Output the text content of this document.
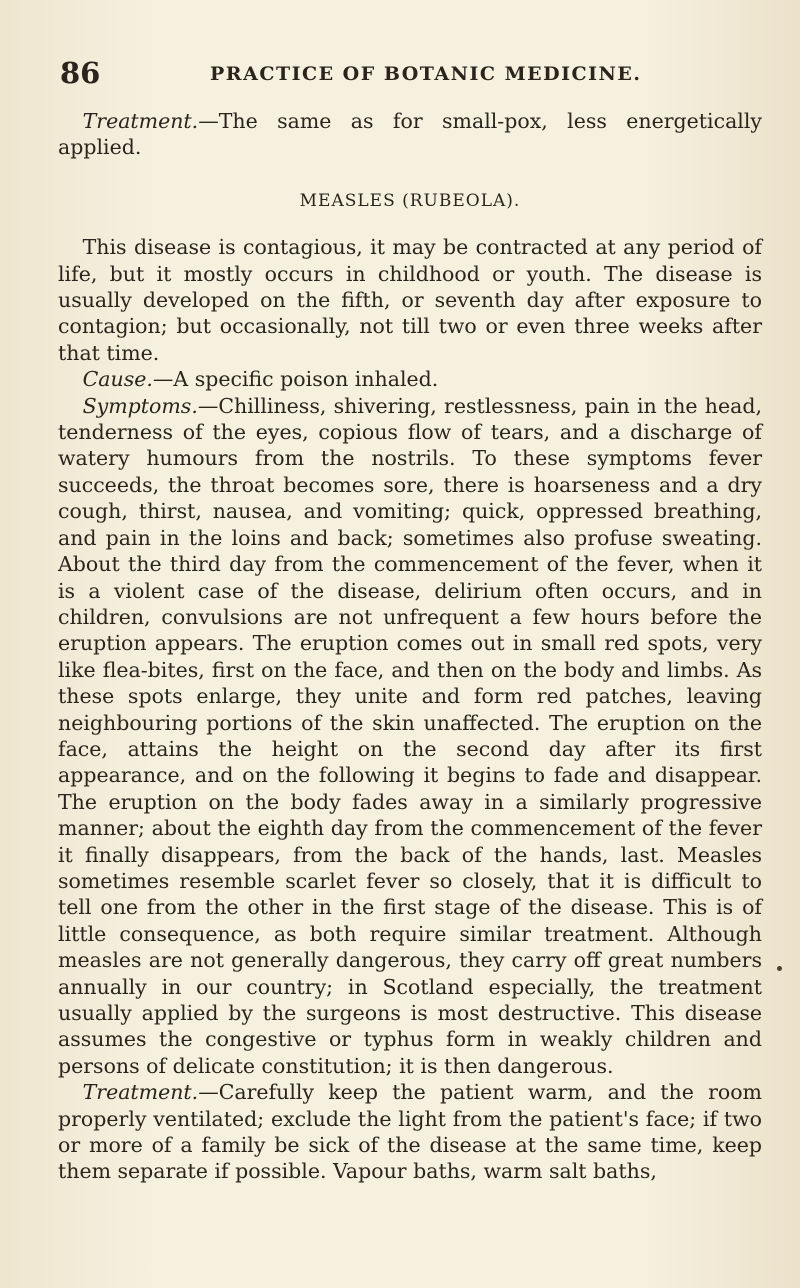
86	PRACTICE OF BOTANIC MEDICINE.

Treatment.—The same as for small-pox, less energetically applied.

MEASLES (RUBEOLA).

This disease is contagious, it may be contracted at any period of life, but it mostly occurs in childhood or youth. The disease is usually developed on the fifth, or seventh day after exposure to contagion; but occasionally, not till two or even three weeks after that time.

Cause.—A specific poison inhaled.

Symptoms.—Chilliness, shivering, restlessness, pain in the head, tenderness of the eyes, copious flow of tears, and a discharge of watery humours from the nostrils. To these symptoms fever succeeds, the throat becomes sore, there is hoarseness and a dry cough, thirst, nausea, and vomiting; quick, oppressed breathing, and pain in the loins and back; sometimes also profuse sweating. About the third day from the commencement of the fever, when it is a violent case of the disease, delirium often occurs, and in children, convulsions are not unfrequent a few hours before the eruption appears. The eruption comes out in small red spots, very like flea-bites, first on the face, and then on the body and limbs. As these spots enlarge, they unite and form red patches, leaving neighbouring portions of the skin unaffected. The eruption on the face, attains the height on the second day after its first appearance, and on the following it begins to fade and disappear. The eruption on the body fades away in a similarly progressive manner; about the eighth day from the commencement of the fever it finally disappears, from the back of the hands, last. Measles sometimes resemble scarlet fever so closely, that it is difficult to tell one from the other in the first stage of the disease. This is of little consequence, as both require similar treatment. Although measles are not generally dangerous, they carry off great numbers annually in our country; in Scotland especially, the treatment usually applied by the surgeons is most destructive. This disease assumes the congestive or typhus form in weakly children and persons of delicate constitution; it is then dangerous.

Treatment.—Carefully keep the patient warm, and the room properly ventilated; exclude the light from the patient's face; if two or more of a family be sick of the disease at the same time, keep them separate if possible. Vapour baths, warm salt baths,
